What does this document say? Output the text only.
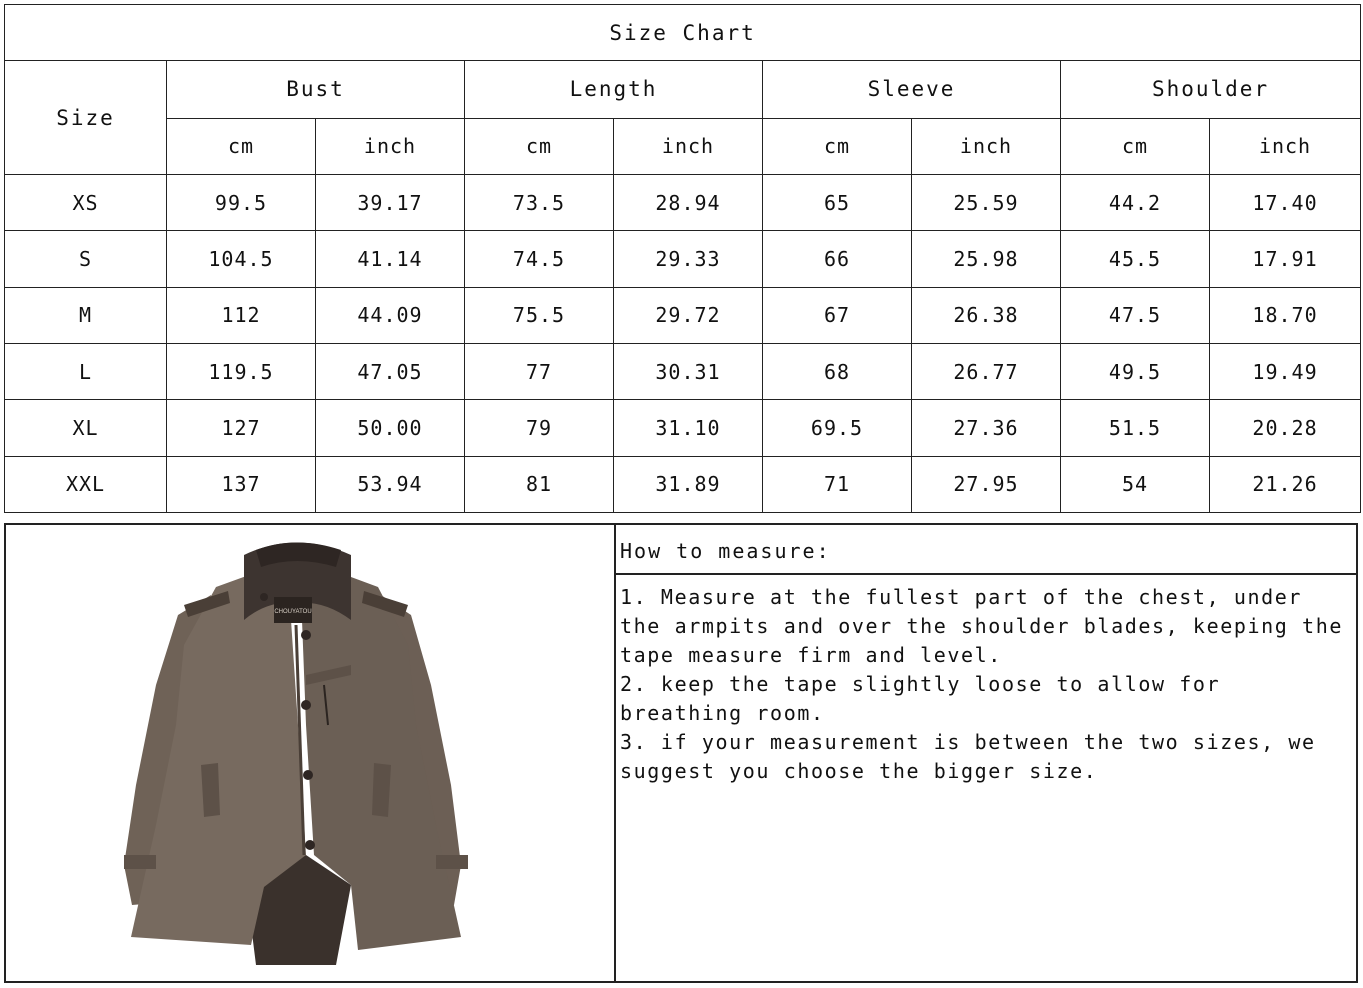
Size Chart								
Size	Bust		Length		Sleeve		Shoulder	
	cm	inch	cm	inch	cm	inch	cm	inch
XS	99.5	39.17	73.5	28.94	65	25.59	44.2	17.40
S	104.5	41.14	74.5	29.33	66	25.98	45.5	17.91
M	112	44.09	75.5	29.72	67	26.38	47.5	18.70
L	119.5	47.05	77	30.31	68	26.77	49.5	19.49
XL	127	50.00	79	31.10	69.5	27.36	51.5	20.28
XXL	137	53.94	81	31.89	71	27.95	54	21.26
CHOUYATOU
How to measure:

1. Measure at the fullest part of the chest, under the armpits and over the shoulder blades, keeping the tape measure firm and level.

2. keep the tape slightly loose to allow for breathing room.

3. if your measurement is between the two sizes, we suggest you choose the bigger size.
